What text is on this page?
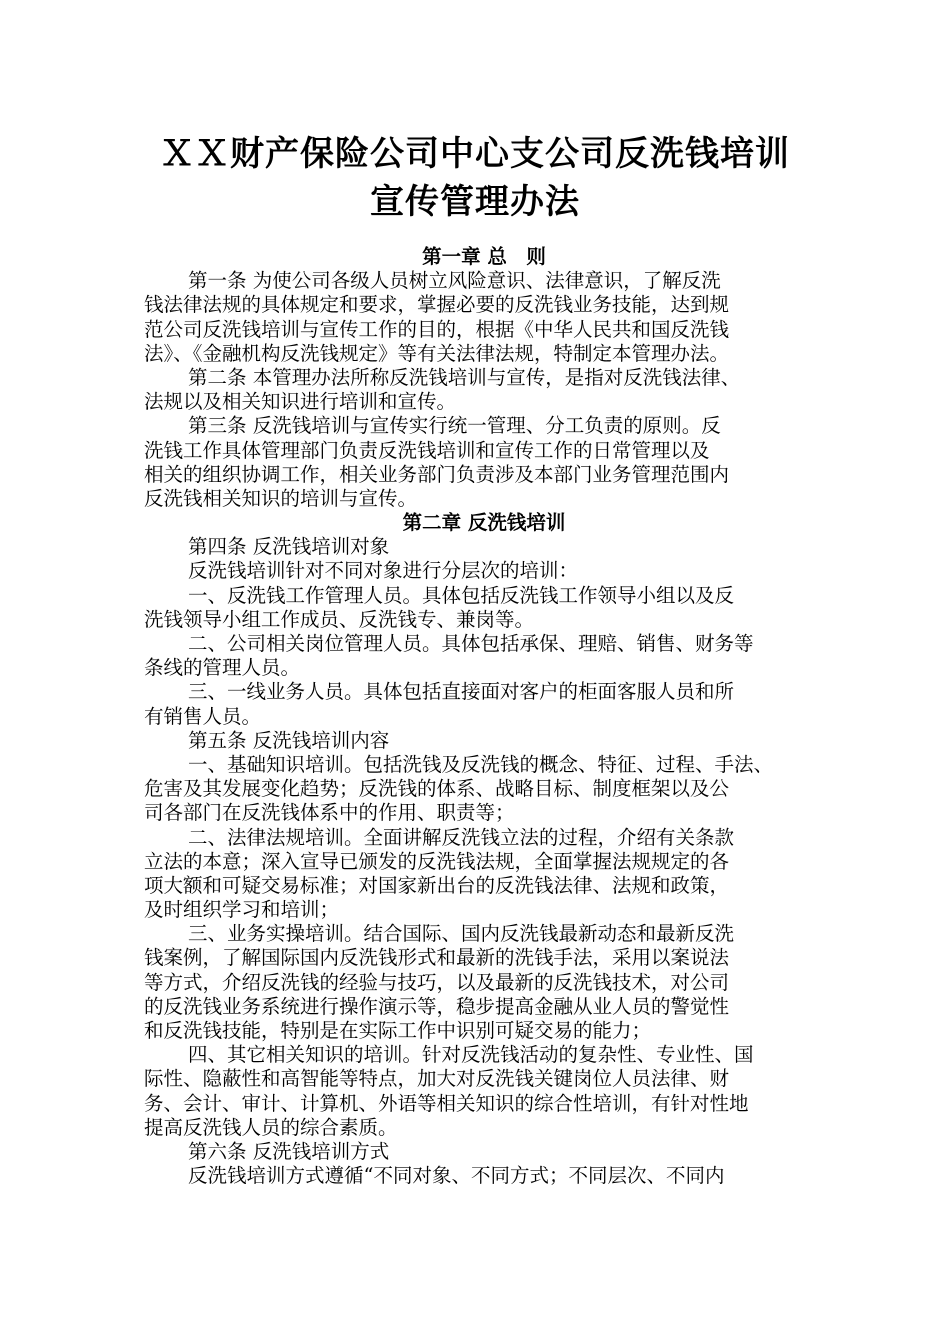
ＸＸ财产保险公司中心支公司反洗钱培训
宣传管理办法
第一章 总　则
第一条 为使公司各级人员树立风险意识、法律意识，了解反洗
钱法律法规的具体规定和要求，掌握必要的反洗钱业务技能，达到规
范公司反洗钱培训与宣传工作的目的，根据《中华人民共和国反洗钱
法》、《金融机构反洗钱规定》等有关法律法规，特制定本管理办法。
第二条 本管理办法所称反洗钱培训与宣传，是指对反洗钱法律、
法规以及相关知识进行培训和宣传。
第三条 反洗钱培训与宣传实行统一管理、分工负责的原则。反
洗钱工作具体管理部门负责反洗钱培训和宣传工作的日常管理以及
相关的组织协调工作，相关业务部门负责涉及本部门业务管理范围内
反洗钱相关知识的培训与宣传。
第二章 反洗钱培训
第四条 反洗钱培训对象
反洗钱培训针对不同对象进行分层次的培训：
一、反洗钱工作管理人员。具体包括反洗钱工作领导小组以及反
洗钱领导小组工作成员、反洗钱专、兼岗等。
二、公司相关岗位管理人员。具体包括承保、理赔、销售、财务等
条线的管理人员。
三、一线业务人员。具体包括直接面对客户的柜面客服人员和所
有销售人员。
第五条 反洗钱培训内容
一、基础知识培训。包括洗钱及反洗钱的概念、特征、过程、手法、
危害及其发展变化趋势；反洗钱的体系、战略目标、制度框架以及公
司各部门在反洗钱体系中的作用、职责等；
二、法律法规培训。全面讲解反洗钱立法的过程，介绍有关条款
立法的本意；深入宣导已颁发的反洗钱法规，全面掌握法规规定的各
项大额和可疑交易标准；对国家新出台的反洗钱法律、法规和政策，
及时组织学习和培训；
三、业务实操培训。结合国际、国内反洗钱最新动态和最新反洗
钱案例，了解国际国内反洗钱形式和最新的洗钱手法，采用以案说法
等方式，介绍反洗钱的经验与技巧，以及最新的反洗钱技术，对公司
的反洗钱业务系统进行操作演示等，稳步提高金融从业人员的警觉性
和反洗钱技能，特别是在实际工作中识别可疑交易的能力；
四、其它相关知识的培训。针对反洗钱活动的复杂性、专业性、国
际性、隐蔽性和高智能等特点，加大对反洗钱关键岗位人员法律、财
务、会计、审计、计算机、外语等相关知识的综合性培训，有针对性地
提高反洗钱人员的综合素质。
第六条 反洗钱培训方式
反洗钱培训方式遵循“不同对象、不同方式；不同层次、不同内
